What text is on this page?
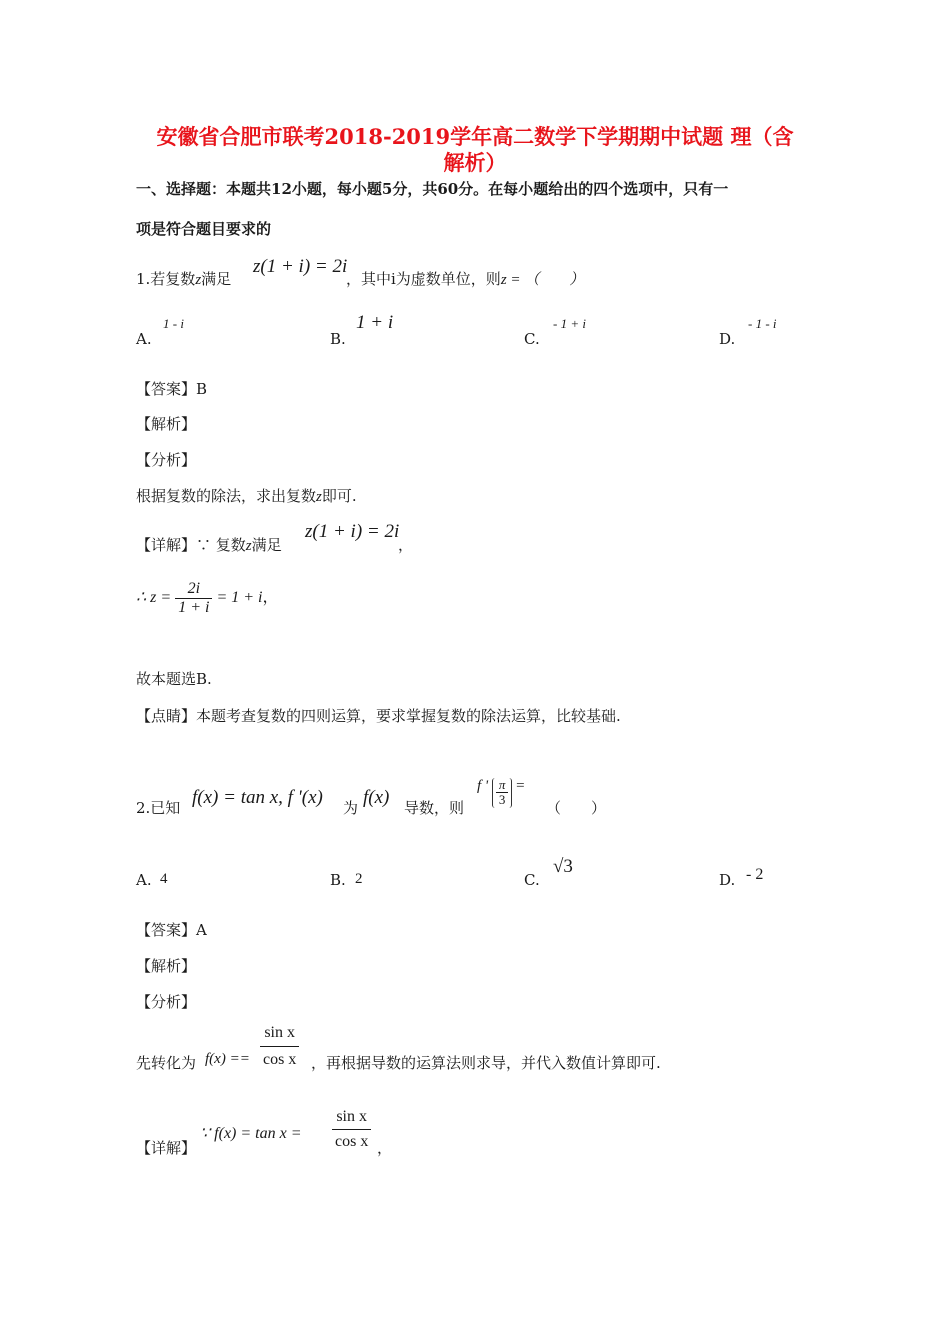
安徽省合肥市联考2018-2019学年高二数学下学期期中试题 理（含
解析）
一、选择题：本题共12小题，每小题5分，共60分。在每小题给出的四个选项中，只有一
项是符合题目要求的
1.若复数z满足
z(1 + i) = 2i
，其中i为虚数单位，则z = （　　）
A.
1 - i
B.
1 + i
C.
- 1 + i
D.
- 1 - i
【答案】B
【解析】
【分析】
根据复数的除法，求出复数z即可.
【详解】∵ 复数z满足
z(1 + i) = 2i
，
∴ $z = \frac{2i}{1 + i} = 1 + i$，
故本题选B.
【点睛】本题考查复数的四则运算，要求掌握复数的除法运算，比较基础.
2.已知 f(x) = tan x, f '(x) 为 f(x) 导数，则
f ' $\frac{\pi}{3}$ =
（　　）
A. 4	B. 2	C.
√3
D. - 2
【答案】A
【解析】
【分析】
先转化为 $f(x) == \frac{\text{sin x}}{\text{cos x}}$ ，再根据导数的运算法则求导，并代入数值计算即可.
【详解】
∵ $f(x) = \tan x = \frac{\text{sin x}}{\text{cos x}}$ ，
